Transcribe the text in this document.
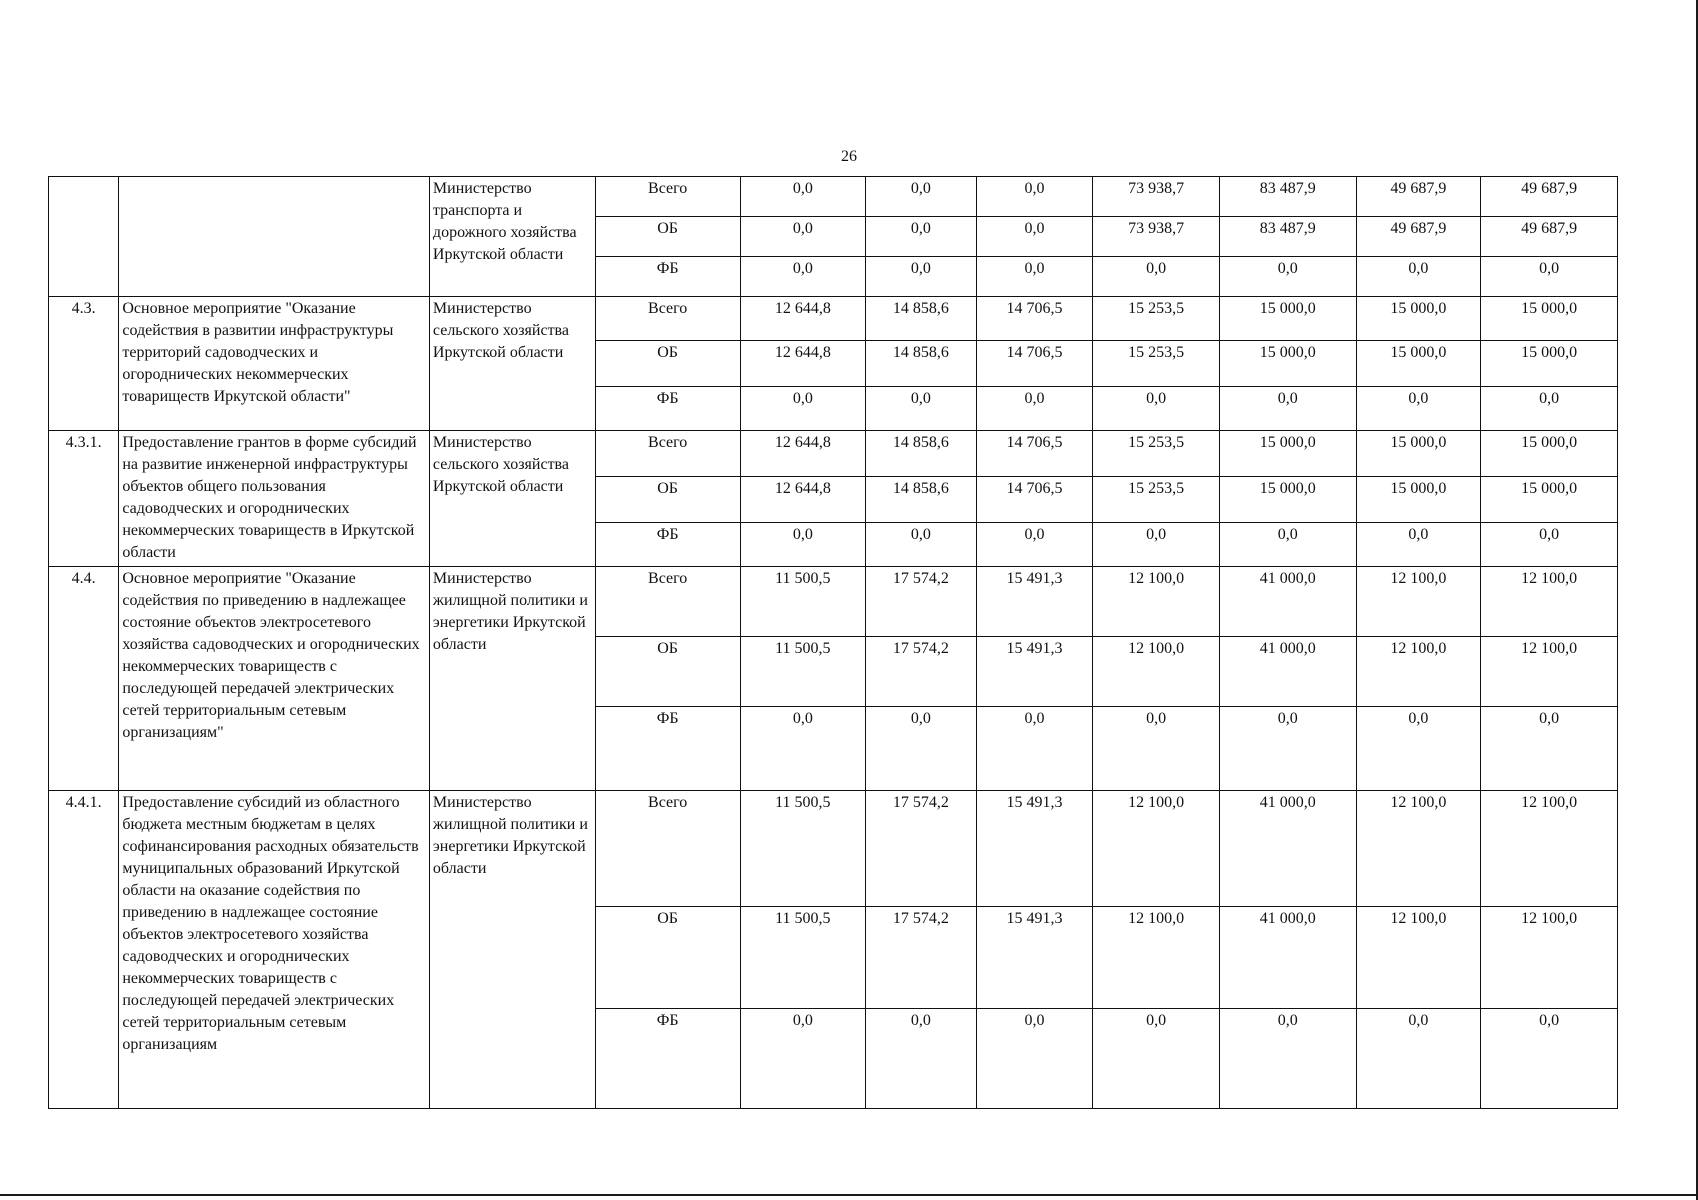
26
		Министерство транспорта и дорожного хозяйства Иркутской области	Всего	0,0	0,0	0,0	73 938,7	83 487,9	49 687,9	49 687,9
			ОБ	0,0	0,0	0,0	73 938,7	83 487,9	49 687,9	49 687,9
			ФБ	0,0	0,0	0,0	0,0	0,0	0,0	0,0
4.3.	Основное мероприятие "Оказание содействия в развитии инфраструктуры территорий садоводческих и огороднических некоммерческих товариществ Иркутской области"	Министерство сельского хозяйства Иркутской области	Всего	12 644,8	14 858,6	14 706,5	15 253,5	15 000,0	15 000,0	15 000,0
			ОБ	12 644,8	14 858,6	14 706,5	15 253,5	15 000,0	15 000,0	15 000,0
			ФБ	0,0	0,0	0,0	0,0	0,0	0,0	0,0
4.3.1.	Предоставление грантов в форме субсидий на развитие инженерной инфраструктуры объектов общего пользования садоводческих и огороднических некоммерческих товариществ в Иркутской области	Министерство сельского хозяйства Иркутской области	Всего	12 644,8	14 858,6	14 706,5	15 253,5	15 000,0	15 000,0	15 000,0
			ОБ	12 644,8	14 858,6	14 706,5	15 253,5	15 000,0	15 000,0	15 000,0
			ФБ	0,0	0,0	0,0	0,0	0,0	0,0	0,0
4.4.	Основное мероприятие "Оказание содействия по приведению в надлежащее состояние объектов электросетевого хозяйства садоводческих и огороднических некоммерческих товариществ с последующей передачей электрических сетей территориальным сетевым организациям"	Министерство жилищной политики и энергетики Иркутской области	Всего	11 500,5	17 574,2	15 491,3	12 100,0	41 000,0	12 100,0	12 100,0
			ОБ	11 500,5	17 574,2	15 491,3	12 100,0	41 000,0	12 100,0	12 100,0
			ФБ	0,0	0,0	0,0	0,0	0,0	0,0	0,0
4.4.1.	Предоставление субсидий из областного бюджета местным бюджетам в целях софинансирования расходных обязательств муниципальных образований Иркутской области на оказание содействия по приведению в надлежащее состояние объектов электросетевого хозяйства садоводческих и огороднических некоммерческих товариществ с последующей передачей электрических сетей территориальным сетевым организациям	Министерство жилищной политики и энергетики Иркутской области	Всего	11 500,5	17 574,2	15 491,3	12 100,0	41 000,0	12 100,0	12 100,0
			ОБ	11 500,5	17 574,2	15 491,3	12 100,0	41 000,0	12 100,0	12 100,0
			ФБ	0,0	0,0	0,0	0,0	0,0	0,0	0,0
